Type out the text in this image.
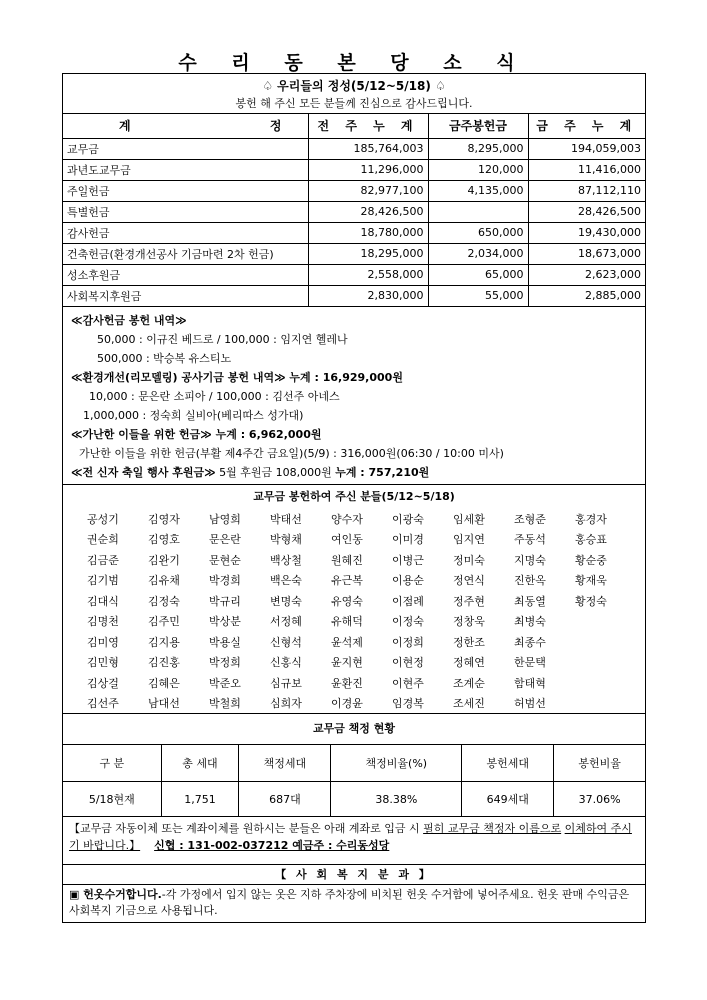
수 리 동 본 당 소 식
♤ 우리들의 정성(5/12~5/18) ♤
봉헌 해 주신 모든 분들께 진심으로 감사드립니다.
계 정	전 주 누 계	금주봉헌금	금 주 누 계
교무금	185,764,003	8,295,000	194,059,003
과년도교무금	11,296,000	120,000	11,416,000
주일헌금	82,977,100	4,135,000	87,112,110
특별헌금	28,426,500		28,426,500
감사헌금	18,780,000	650,000	19,430,000
건축헌금(환경개선공사 기금마련 2차 헌금)	18,295,000	2,034,000	18,673,000
성소후원금	2,558,000	65,000	2,623,000
사회복지후원금	2,830,000	55,000	2,885,000
≪감사헌금 봉헌 내역≫
50,000 : 이규진 베드로 / 100,000 : 임지연 헬레나
500,000 : 박승복 유스티노
≪환경개선(리모델링) 공사기금 봉헌 내역≫ 누계 : 16,929,000원
10,000 : 문은란 소피아 / 100,000 : 김선주 아네스
1,000,000 : 정숙희 실비아(베리따스 성가대)
≪가난한 이들을 위한 헌금≫ 누계 : 6,962,000원
가난한 이들을 위한 헌금(부활 제4주간 금요일)(5/9) : 316,000원(06:30 / 10:00 미사)
≪전 신자 축일 행사 후원금≫ 5월 후원금 108,000원 누계 : 757,210원
교무금 봉헌하여 주신 분들(5/12~5/18)
공성기	김영자	남영희	박태선	양수자	이광숙	임세환	조형준	홍경자
권순희	김영호	문은란	박형채	여인동	이미경	임지연	주동석	홍승표
김금준	김완기	문현순	백상철	원혜진	이병근	정미숙	지명숙	황순중
김기범	김유채	박경희	백은숙	유근복	이용순	정연식	진한옥	황재욱
김대식	김정숙	박규리	변명숙	유영숙	이점례	정주현	최동열	황정숙
김명천	김주민	박상분	서정혜	유해덕	이정숙	정창욱	최병숙
김미영	김지용	박용실	신형석	윤석제	이정희	정한조	최종수
김민형	김진홍	박정희	신홍식	윤지현	이현정	정혜연	한문택
김상걸	김혜은	박준오	심규보	윤환진	이현주	조계순	함태혁
김선주	남대선	박철희	심희자	이경윤	임경복	조세진	허범선
교무금 책정 현황
구 분	총 세대	책정세대	책정비율(%)	봉헌세대	봉헌비율
5/18현재	1,751	687대	38.38%	649세대	37.06%
【교무금 자동이체 또는 계좌이체를 원하시는 분들은 아래 계좌로 입금 시 필히 교무금 책정자 이름으로 이체하여 주시기 바랍니다.】 신협 : 131-002-037212 예금주 : 수리동성당
【 사 회 복 지 분 과 】
▣ 헌옷수거합니다.-각 가정에서 입지 않는 옷은 지하 주차장에 비치된 헌옷 수거함에 넣어주세요. 헌옷 판매 수익금은 사회복지 기금으로 사용됩니다.
